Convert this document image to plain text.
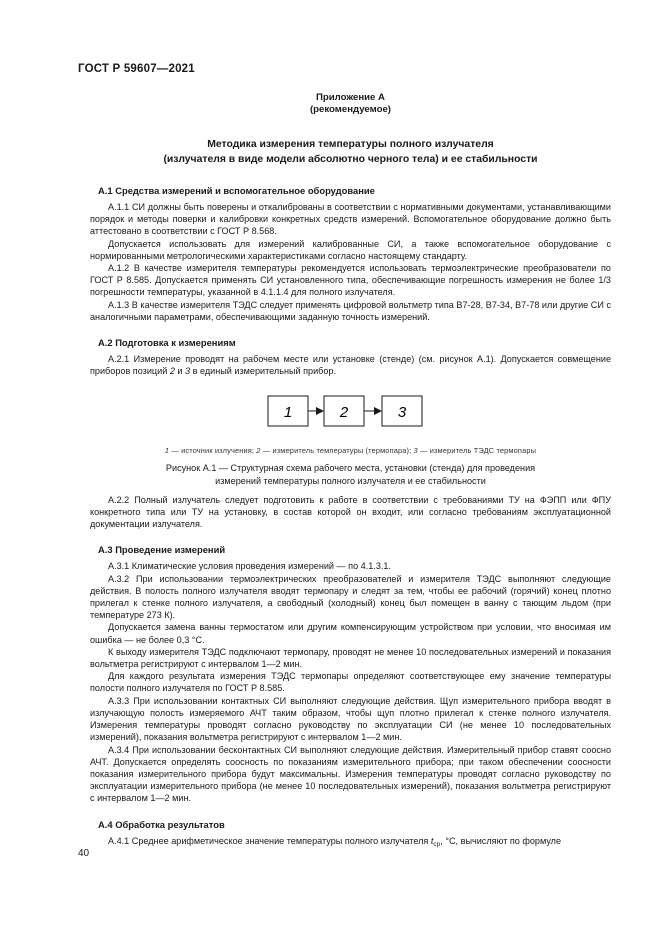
ГОСТ Р 59607—2021
Приложение А
(рекомендуемое)
Методика измерения температуры полного излучателя
(излучателя в виде модели абсолютно черного тела) и ее стабильности
А.1 Средства измерений и вспомогательное оборудование

А.1.1 СИ должны быть поверены и откалиброваны в соответствии с нормативными документами, устанавливающими порядок и методы поверки и калибровки конкретных средств измерений. Вспомогательное оборудование должно быть аттестовано в соответствии с ГОСТ Р 8.568.

Допускается использовать для измерений калиброванные СИ, а также вспомогательное оборудование с нормированными метрологическими характеристиками согласно настоящему стандарту.

А.1.2 В качестве измерителя температуры рекомендуется использовать термоэлектрические преобразователи по ГОСТ Р 8.585. Допускается применять СИ установленного типа, обеспечивающие погрешность измерения не более 1/3 погрешности температуры, указанной в 4.1.1.4 для полного излучателя.

А.1.3 В качестве измерителя ТЭДС следует применять цифровой вольтметр типа В7-28, В7-34, В7-78 или другие СИ с аналогичными параметрами, обеспечивающими заданную точность измерений.

А.2 Подготовка к измерениям

А.2.1 Измерение проводят на рабочем месте или установке (стенде) (см. рисунок А.1). Допускается совмещение приборов позиций 2 и 3 в единый измерительный прибор.

1	2	3
1 — источник излучения; 2 — измеритель температуры (термопара); 3 — измеритель ТЭДС термопары
Рисунок А.1 — Структурная схема рабочего места, установки (стенда) для проведения
измерений температуры полного излучателя и ее стабильности

А.2.2 Полный излучатель следует подготовить к работе в соответствии с требованиями ТУ на ФЭПП или ФПУ конкретного типа или ТУ на установку, в состав которой он входит, или согласно требованиям эксплуатационной документации излучателя.

А.3 Проведение измерений

А.3.1 Климатические условия проведения измерений — по 4.1.3.1.

А.3.2 При использовании термоэлектрических преобразователей и измерителя ТЭДС выполняют следующие действия. В полость полного излучателя вводят термопару и следят за тем, чтобы ее рабочий (горячий) конец плотно прилегал к стенке полного излучателя, а свободный (холодный) конец был помещен в ванну с тающим льдом (при температуре 273 К).

Допускается замена ванны термостатом или другим компенсирующим устройством при условии, что вносимая им ошибка — не более 0,3 °С.

К выходу измерителя ТЭДС подключают термопару, проводят не менее 10 последовательных измерений и показания вольтметра регистрируют с интервалом 1—2 мин.

Для каждого результата измерения ТЭДС термопары определяют соответствующее ему значение температуры полости полного излучателя по ГОСТ Р 8.585.

А.3.3 При использовании контактных СИ выполняют следующие действия. Щуп измерительного прибора вводят в излучающую полость измеряемого АЧТ таким образом, чтобы щуп плотно прилегал к стенке полного излучателя. Измерения температуры проводят согласно руководству по эксплуатации СИ (не менее 10 последовательных измерений), показания вольтметра регистрируют с интервалом 1—2 мин.

А.3.4 При использовании бесконтактных СИ выполняют следующие действия. Измерительный прибор ставят соосно АЧТ. Допускается определять соосность по показаниям измерительного прибора; при таком обеспечении соосности показания измерительного прибора будут максимальны. Измерения температуры проводят согласно руководству по эксплуатации измерительного прибора (не менее 10 последовательных измерений), показания вольтметра регистрируют с интервалом 1—2 мин.

А.4 Обработка результатов

А.4.1 Среднее арифметическое значение температуры полного излучателя $t_{ср}$, °С, вычисляют по формуле

40
